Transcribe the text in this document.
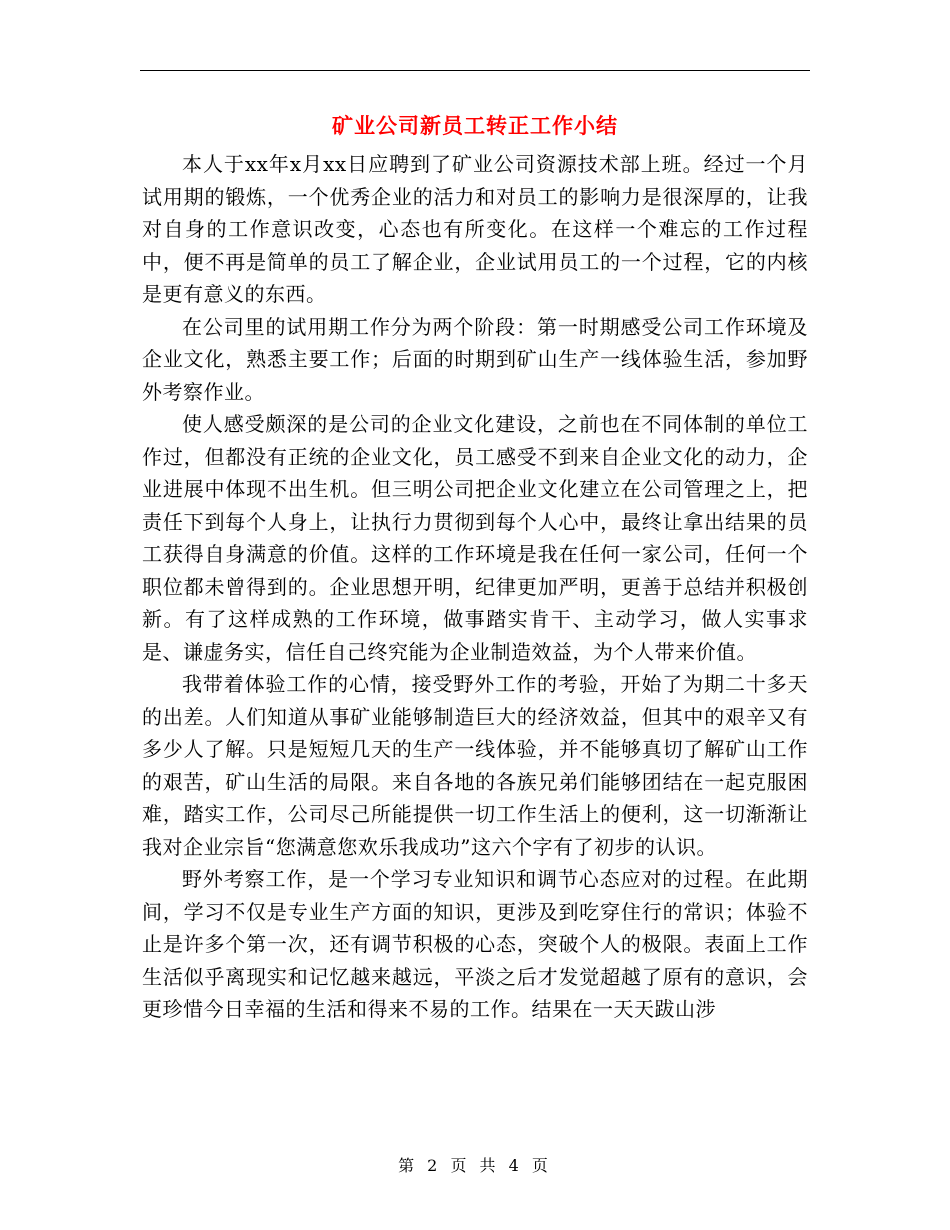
矿业公司新员工转正工作小结

本人于xx年x月xx日应聘到了矿业公司资源技术部上班。经过一个月试用期的锻炼，一个优秀企业的活力和对员工的影响力是很深厚的，让我对自身的工作意识改变，心态也有所变化。在这样一个难忘的工作过程中，便不再是简单的员工了解企业，企业试用员工的一个过程，它的内核是更有意义的东西。

在公司里的试用期工作分为两个阶段：第一时期感受公司工作环境及企业文化，熟悉主要工作；后面的时期到矿山生产一线体验生活，参加野外考察作业。

使人感受颇深的是公司的企业文化建设，之前也在不同体制的单位工作过，但都没有正统的企业文化，员工感受不到来自企业文化的动力，企业进展中体现不出生机。但三明公司把企业文化建立在公司管理之上，把责任下到每个人身上，让执行力贯彻到每个人心中，最终让拿出结果的员工获得自身满意的价值。这样的工作环境是我在任何一家公司，任何一个职位都未曾得到的。企业思想开明，纪律更加严明，更善于总结并积极创新。有了这样成熟的工作环境，做事踏实肯干、主动学习，做人实事求是、谦虚务实，信任自己终究能为企业制造效益，为个人带来价值。

我带着体验工作的心情，接受野外工作的考验，开始了为期二十多天的出差。人们知道从事矿业能够制造巨大的经济效益，但其中的艰辛又有多少人了解。只是短短几天的生产一线体验，并不能够真切了解矿山工作的艰苦，矿山生活的局限。来自各地的各族兄弟们能够团结在一起克服困难，踏实工作，公司尽己所能提供一切工作生活上的便利，这一切渐渐让我对企业宗旨“您满意您欢乐我成功”这六个字有了初步的认识。

野外考察工作，是一个学习专业知识和调节心态应对的过程。在此期间，学习不仅是专业生产方面的知识，更涉及到吃穿住行的常识；体验不止是许多个第一次，还有调节积极的心态，突破个人的极限。表面上工作生活似乎离现实和记忆越来越远，平淡之后才发觉超越了原有的意识，会更珍惜今日幸福的生活和得来不易的工作。结果在一天天跋山涉

第 2 页 共 4 页
